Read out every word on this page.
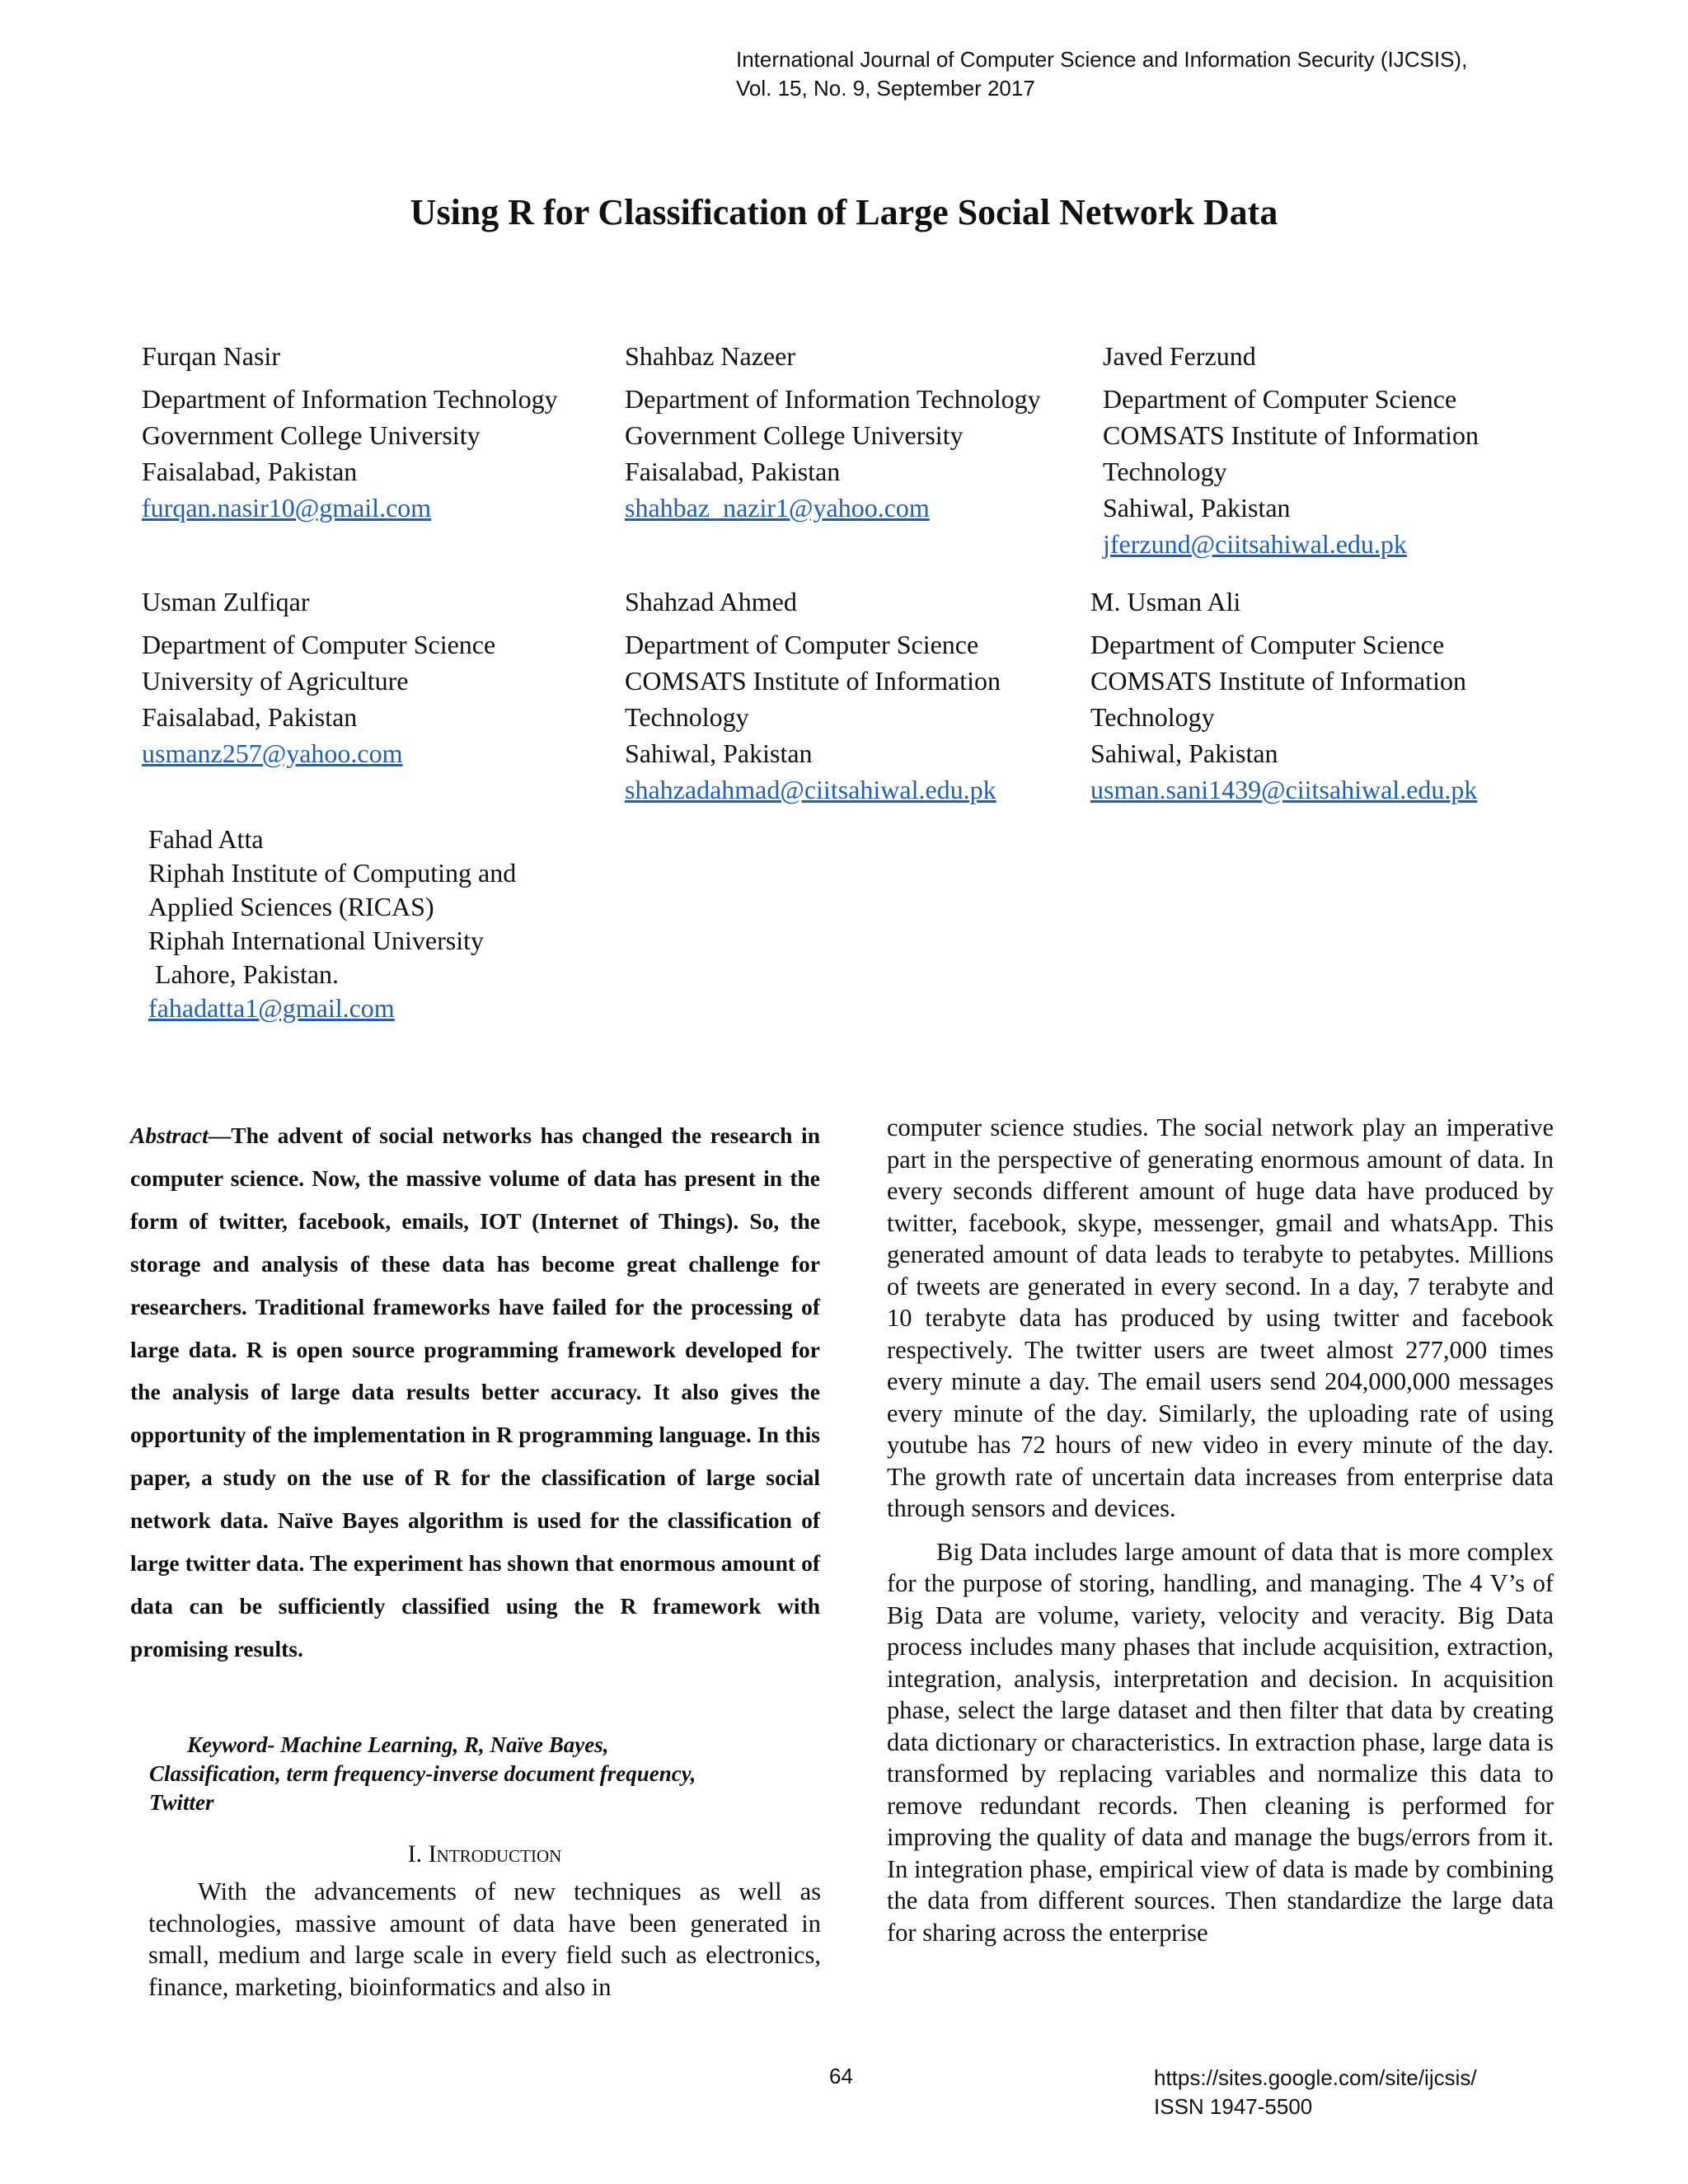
International Journal of Computer Science and Information Security (IJCSIS),
Vol. 15, No. 9, September 2017
Using R for Classification of Large Social Network Data
Furqan Nasir
Department of Information Technology
Government College University
Faisalabad, Pakistan
furqan.nasir10@gmail.com
Shahbaz Nazeer
Department of Information Technology
Government College University
Faisalabad, Pakistan
shahbaz_nazir1@yahoo.com
Javed Ferzund
Department of Computer Science
COMSATS Institute of Information
Technology
Sahiwal, Pakistan
jferzund@ciitsahiwal.edu.pk
Usman Zulfiqar
Department of Computer Science
University of Agriculture
Faisalabad, Pakistan
usmanz257@yahoo.com
Shahzad Ahmed
Department of Computer Science
COMSATS Institute of Information
Technology
Sahiwal, Pakistan
shahzadahmad@ciitsahiwal.edu.pk
M. Usman Ali
Department of Computer Science
COMSATS Institute of Information
Technology
Sahiwal, Pakistan
usman.sani1439@ciitsahiwal.edu.pk
Fahad Atta
Riphah Institute of Computing and
Applied Sciences (RICAS)
Riphah International University
Lahore, Pakistan.
fahadatta1@gmail.com
Abstract—The advent of social networks has changed the research in computer science. Now, the massive volume of data has present in the form of twitter, facebook, emails, IOT (Internet of Things). So, the storage and analysis of these data has become great challenge for researchers. Traditional frameworks have failed for the processing of large data. R is open source programming framework developed for the analysis of large data results better accuracy. It also gives the opportunity of the implementation in R programming language. In this paper, a study on the use of R for the classification of large social network data. Naïve Bayes algorithm is used for the classification of large twitter data. The experiment has shown that enormous amount of data can be sufficiently classified using the R framework with promising results.
Keyword- Machine Learning, R, Naïve Bayes,
Classification, term frequency-inverse document frequency,
Twitter
I. Introduction

With the advancements of new techniques as well as technologies, massive amount of data have been generated in small, medium and large scale in every field such as electronics, finance, marketing, bioinformatics and also in

computer science studies. The social network play an imperative part in the perspective of generating enormous amount of data. In every seconds different amount of huge data have produced by twitter, facebook, skype, messenger, gmail and whatsApp. This generated amount of data leads to terabyte to petabytes. Millions of tweets are generated in every second. In a day, 7 terabyte and 10 terabyte data has produced by using twitter and facebook respectively. The twitter users are tweet almost 277,000 times every minute a day. The email users send 204,000,000 messages every minute of the day. Similarly, the uploading rate of using youtube has 72 hours of new video in every minute of the day. The growth rate of uncertain data increases from enterprise data through sensors and devices.

Big Data includes large amount of data that is more complex for the purpose of storing, handling, and managing. The 4 V’s of Big Data are volume, variety, velocity and veracity. Big Data process includes many phases that include acquisition, extraction, integration, analysis, interpretation and decision. In acquisition phase, select the large dataset and then filter that data by creating data dictionary or characteristics. In extraction phase, large data is transformed by replacing variables and normalize this data to remove redundant records. Then cleaning is performed for improving the quality of data and manage the bugs/errors from it. In integration phase, empirical view of data is made by combining the data from different sources. Then standardize the large data for sharing across the enterprise

64	https://sites.google.com/site/ijcsis/
ISSN 1947-5500
